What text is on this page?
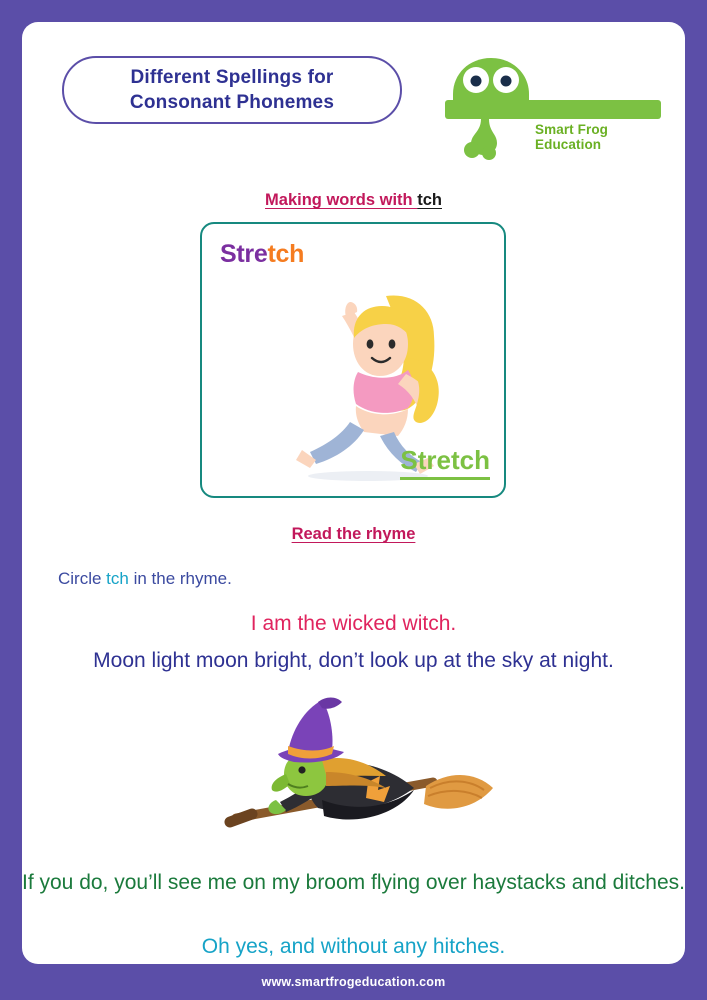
Different Spellings for
Consonant Phonemes
Smart Frog Education
Making words with tch
Stretch
Stretch
Read the rhyme
Circle tch in the rhyme.
I am the wicked witch.
Moon light moon bright, don’t look up at the sky at night.
If you do, you’ll see me on my broom flying over haystacks and ditches.
Oh yes, and without any hitches.
www.smartfrogeducation.com
